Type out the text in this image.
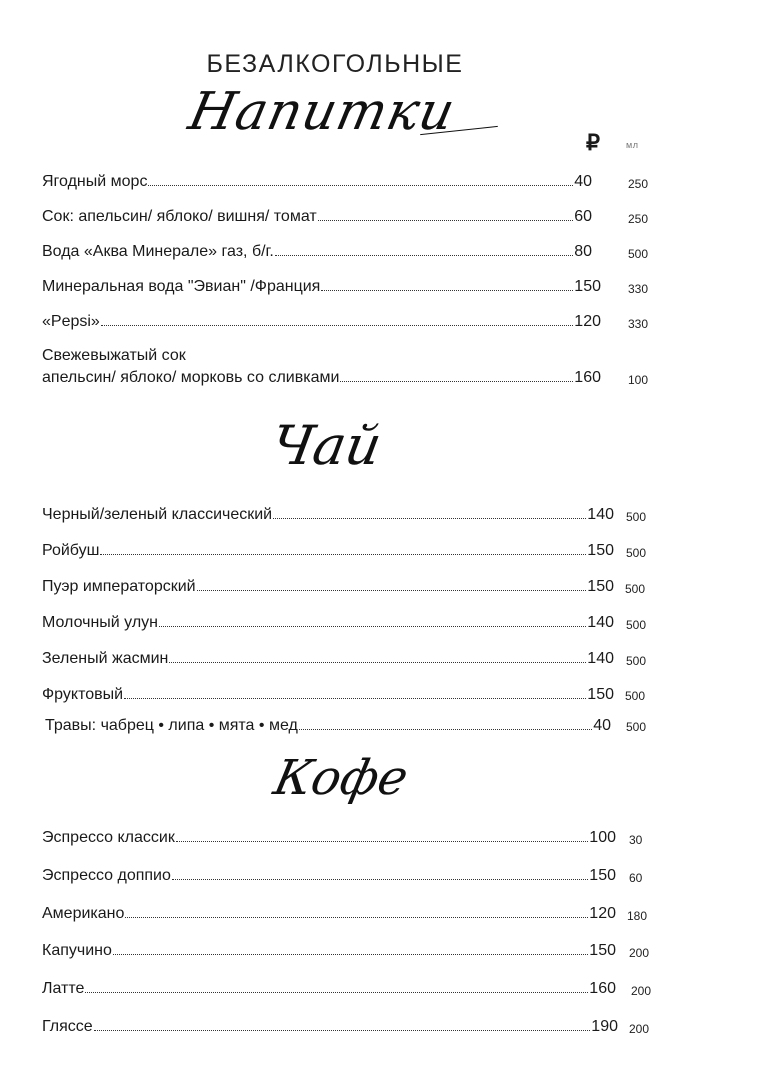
БЕЗАЛКОГОЛЬНЫЕ
Напитки
₽	мл
Ягодный морс	40	250
Сок: апельсин/ яблоко/ вишня/ томат	60	250
Вода «Аква Минерале» газ, б/г.	80	500
Минеральная вода "Эвиан" /Франция	150 330
«Pepsi»	120 330
Свежевыжатый сок
апельсин/ яблоко/ морковь со сливками	160 100
Чай
Черный/зеленый классический	140 500
Ройбуш	150 500
Пуэр императорский	150 500
Молочный улун	140 500
Зеленый жасмин	140 500
Фруктовый	150 500
Травы: чабрец • липа • мята • мед	40 500
Кофе
Эспрессо классик	100 30
Эспрессо доппио	150 60
Американо	120 180
Капучино	150 200
Латте	160 200
Гляссе	190 200
